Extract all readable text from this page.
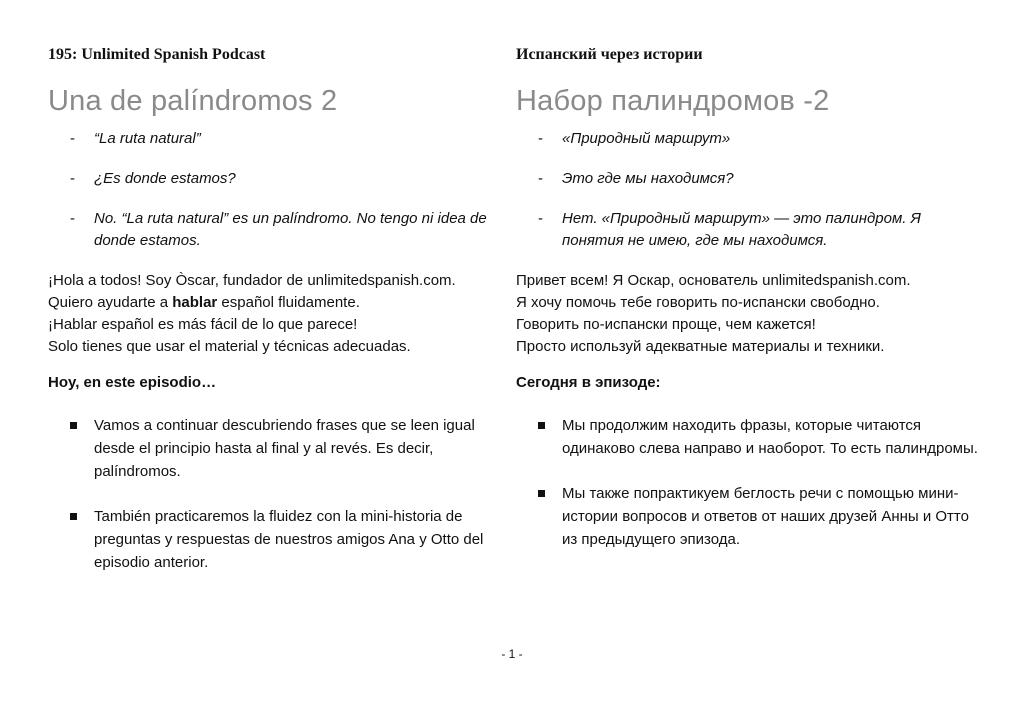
195: Unlimited Spanish Podcast
Una de palíndromos 2
- “La ruta natural”
- ¿Es donde estamos?
- No. “La ruta natural” es un palíndromo. No tengo ni idea de donde estamos.

¡Hola a todos! Soy Òscar, fundador de unlimitedspanish.com.

Quiero ayudarte a hablar español fluidamente.

¡Hablar español es más fácil de lo que parece!

Solo tienes que usar el material y técnicas adecuadas.

Hoy, en este episodio…
Vamos a continuar descubriendo frases que se leen igual desde el principio hasta al final y al revés. Es decir, palíndromos.
También practicaremos la fluidez con la mini-historia de preguntas y respuestas de nuestros amigos Ana y Otto del episodio anterior.
Испанский через истории
Набор палиндромов -2
- «Природный маршрут»
- Это где мы находимся?
- Нет. «Природный маршрут» — это палиндром. Я понятия не имею, где мы находимся.

Привет всем! Я Оскар, основатель unlimitedspanish.com.

Я хочу помочь тебе говорить по-испански свободно.

Говорить по-испански проще, чем кажется!

Просто используй адекватные материалы и техники.

Сегодня в эпизоде:
Мы продолжим находить фразы, которые читаются одинаково слева направо и наоборот. То есть палиндромы.
Мы также попрактикуем беглость речи с помощью мини-истории вопросов и ответов от наших друзей Анны и Отто из предыдущего эпизода.
- 1 -
